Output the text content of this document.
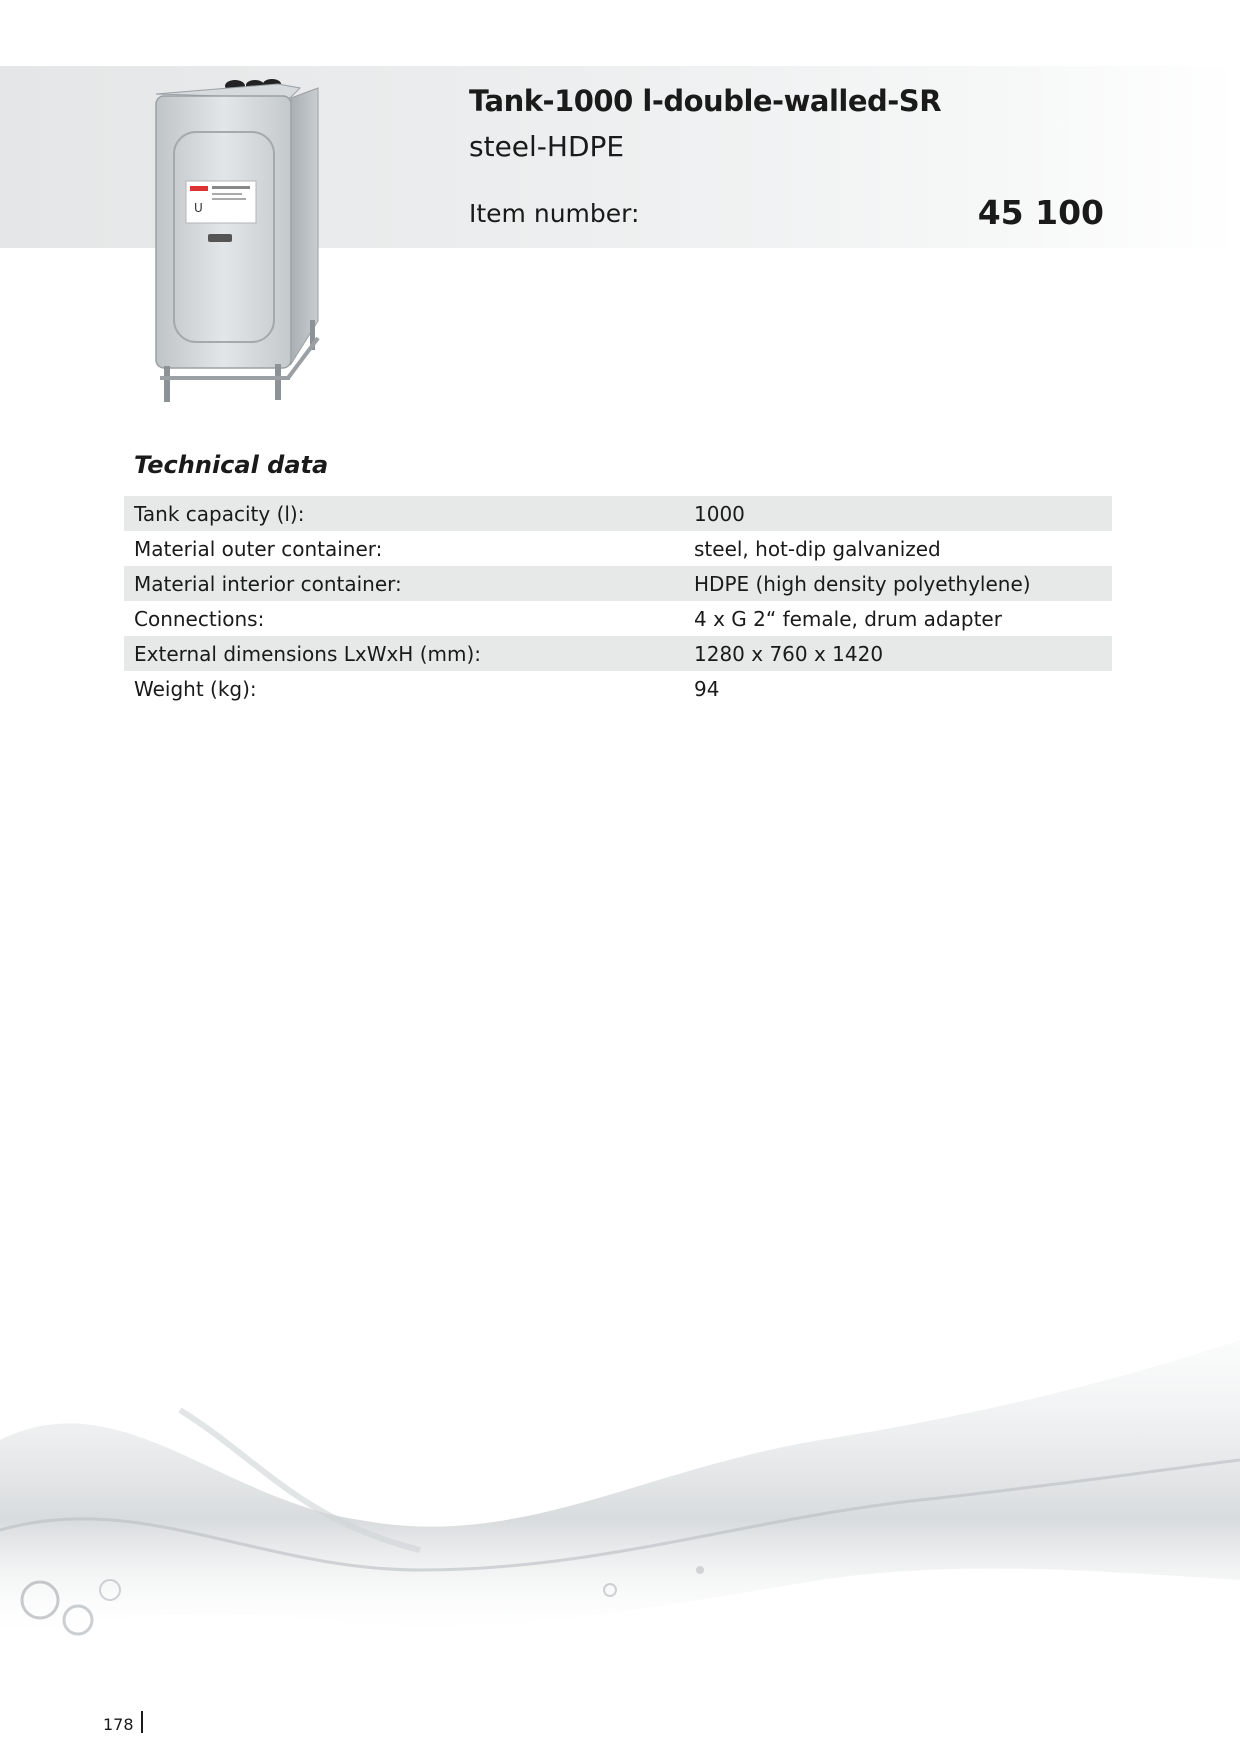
U
Tank-1000 l-double-walled-SR
steel-HDPE
Item number:	45 100
Technical data
Tank capacity (l):	1000
Material outer container:	steel, hot-dip galvanized
Material interior container:	HDPE (high density polyethylene)
Connections:	4 x G 2“ female, drum adapter
External dimensions LxWxH (mm):	1280 x 760 x 1420
Weight (kg):	94
178
